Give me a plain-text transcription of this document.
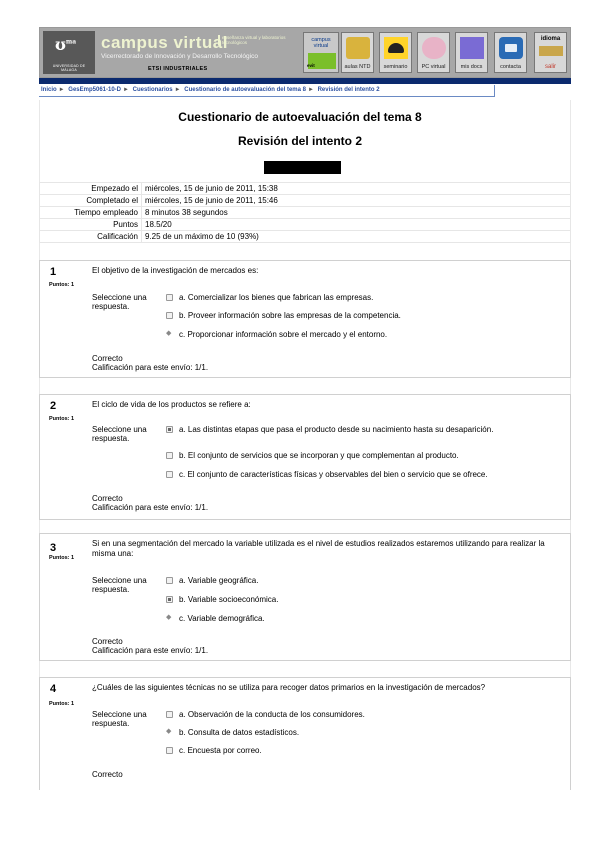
ʊ$^{ma}$
UNIVERSIDAD DE MÁLAGA
campus virtual
enseñanza virtual y laboratorios tecnológicos
Vicerrectorado de Innovación y Desarrollo Tecnológico
ETSI INDUSTRIALES
campus virtual
evit	aulas NTD	seminario	PC virtual	mis docs	contacta
idioma
salir
Inicio ► GesEmp5061-10-D ► Cuestionarios ► Cuestionario de autoevaluación del tema 8 ► Revisión del intento 2
Cuestionario de autoevaluación del tema 8
Revisión del intento 2
Empezado el	miércoles, 15 de junio de 2011, 15:38
Completado el	miércoles, 15 de junio de 2011, 15:46
Tiempo empleado	8 minutos 38 segundos
Puntos	18.5/20
Calificación	9.25 de un máximo de 10 (93%)
1
Puntos: 1
El objetivo de la investigación de mercados es:
Seleccione una respuesta.
a. Comercializar los bienes que fabrican las empresas.
b. Proveer información sobre las empresas de la competencia.
◆
c. Proporcionar información sobre el mercado y el entorno.
Correcto
Calificación para este envío: 1/1.
2
Puntos: 1
El ciclo de vida de los productos se refiere a:
Seleccione una respuesta.
a. Las distintas etapas que pasa el producto desde su nacimiento hasta su desaparición.
b. El conjunto de servicios que se incorporan y que complementan al producto.
c. El conjunto de características físicas y observables del bien o servicio que se ofrece.
Correcto
Calificación para este envío: 1/1.
3
Puntos: 1
Si en una segmentación del mercado la variable utilizada es el nivel de estudios realizados estaremos utilizando para realizar la misma una:
Seleccione una respuesta.
a. Variable geográfica.
b. Variable socioeconómica.
◆
c. Variable demográfica.
Correcto
Calificación para este envío: 1/1.
4
Puntos: 1
¿Cuáles de las siguientes técnicas no se utiliza para recoger datos primarios en la investigación de mercados?
Seleccione una respuesta.
a. Observación de la conducta de los consumidores.
◆
b. Consulta de datos estadísticos.
c. Encuesta por correo.
Correcto
